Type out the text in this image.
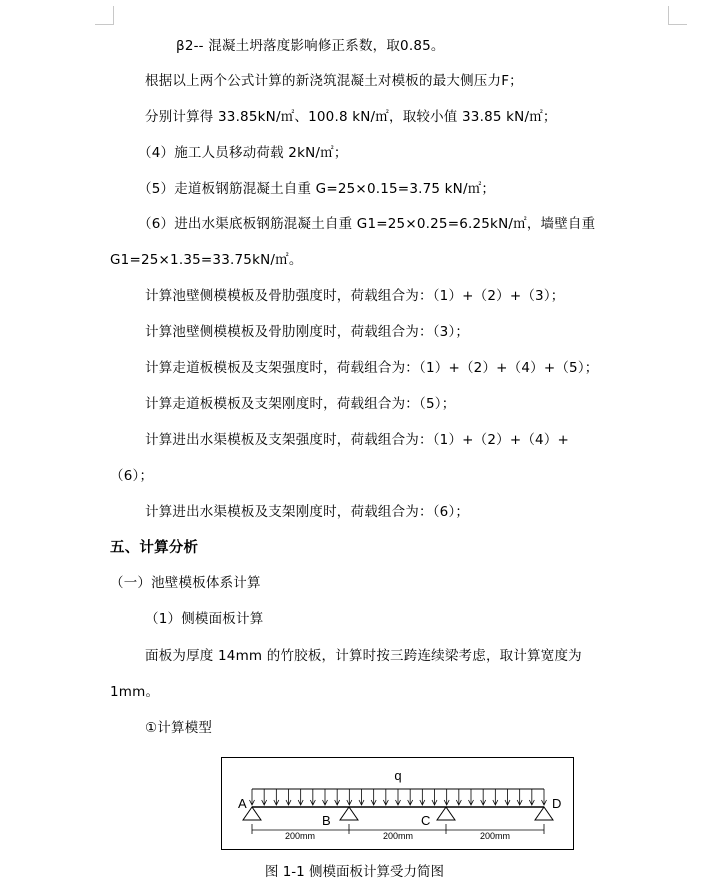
β2-- 混凝土坍落度影响修正系数，取0.85。
根据以上两个公式计算的新浇筑混凝土对模板的最大侧压力F；
分别计算得 33.85kN/㎡、100.8 kN/㎡，取较小值 33.85 kN/㎡；
（4）施工人员移动荷载 2kN/㎡；
（5）走道板钢筋混凝土自重 G=25×0.15=3.75 kN/㎡；
（6）进出水渠底板钢筋混凝土自重 G1=25×0.25=6.25kN/㎡，墙壁自重
G1=25×1.35=33.75kN/㎡。
计算池壁侧模模板及骨肋强度时，荷载组合为：（1）+（2）+（3）；
计算池壁侧模模板及骨肋刚度时，荷载组合为：（3）；
计算走道板模板及支架强度时，荷载组合为：（1）+（2）+（4）+（5）；
计算走道板模板及支架刚度时，荷载组合为：（5）；
计算进出水渠模板及支架强度时，荷载组合为：（1）+（2）+（4）+
（6）；
计算进出水渠模板及支架刚度时，荷载组合为：（6）；
五、计算分析
（一）池壁模板体系计算
（1）侧模面板计算
面板为厚度 14mm 的竹胶板，计算时按三跨连续梁考虑，取计算宽度为
1mm。
①计算模型
q
A
B	C
D
200mm	200mm	200mm
图 1-1 侧模面板计算受力简图
